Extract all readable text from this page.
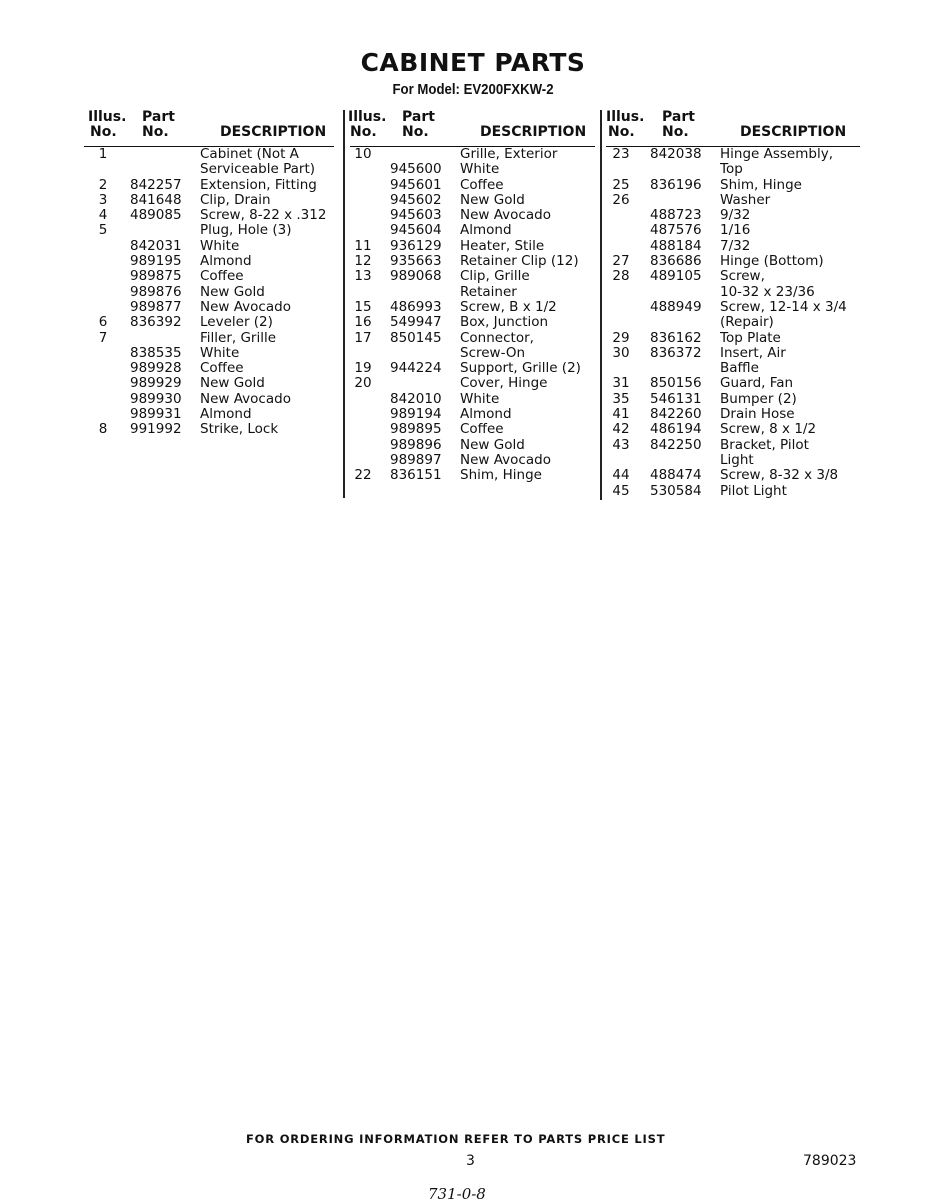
CABINET PARTS
For Model: EV200FXKW-2
Illus.
No.
Part
No.	DESCRIPTION
1	Cabinet (Not A
Serviceable Part)
2	842257 Extension, Fitting
3	841648 Clip, Drain
4	489085 Screw, 8-22 x .312
5	Plug, Hole (3)
842031 White
989195 Almond
989875 Coffee
989876 New Gold
989877 New Avocado
6	836392 Leveler (2)
7	Filler, Grille
838535 White
989928 Coffee
989929 New Gold
989930 New Avocado
989931 Almond
8	991992 Strike, Lock
Illus.
No.
Part
No.	DESCRIPTION
10	Grille, Exterior
945600 White
945601 Coffee
945602 New Gold
945603 New Avocado
945604 Almond
11	936129 Heater, Stile
12	935663 Retainer Clip (12)
13	989068 Clip, Grille
Retainer
15	486993 Screw, B x 1/2
16	549947 Box, Junction
17	850145 Connector,
Screw-On
19	944224 Support, Grille (2)
20	Cover, Hinge
842010 White
989194 Almond
989895 Coffee
989896 New Gold
989897 New Avocado
22	836151 Shim, Hinge
Illus.
No.
Part
No.	DESCRIPTION
23	842038 Hinge Assembly,
Top
25	836196 Shim, Hinge
26	Washer
488723 9/32
487576 1/16
488184 7/32
27	836686 Hinge (Bottom)
28	489105 Screw,
10-32 x 23/36
488949 Screw, 12-14 x 3/4
(Repair)
29	836162 Top Plate
30	836372 Insert, Air
Baffle
31	850156 Guard, Fan
35	546131 Bumper (2)
41	842260 Drain Hose
42	486194 Screw, 8 x 1/2
43	842250 Bracket, Pilot
Light
44	488474 Screw, 8-32 x 3/8
45	530584 Pilot Light
FOR ORDERING INFORMATION REFER TO PARTS PRICE LIST
3	789023
731-0-8
